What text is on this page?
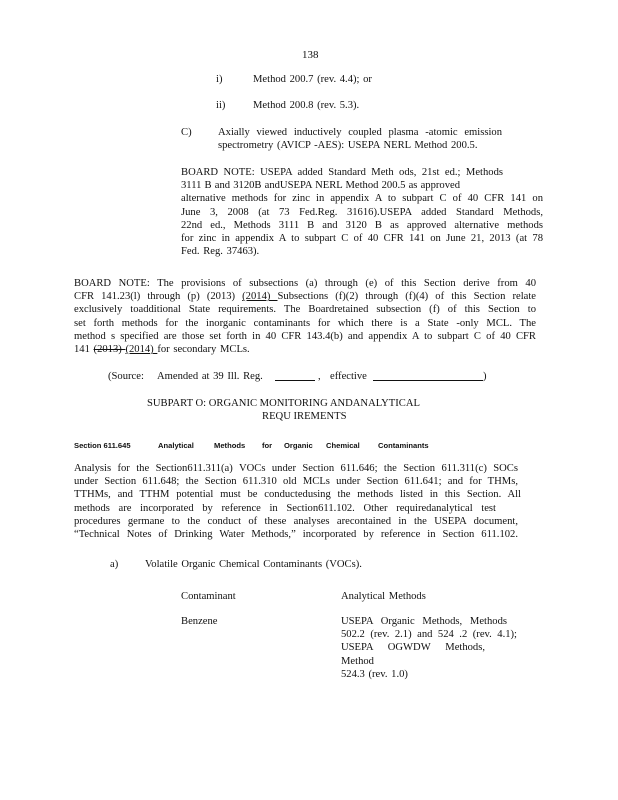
138
i)	Method 200.7 (rev. 4.4); or
ii)	Method 200.8 (rev. 5.3).
C) Axially viewed inductively coupled plasma -atomic emission
spectrometry (AVICP -AES): USEPA NERL Method 200.5.
BOARD NOTE: USEPA added Standard Meth ods, 21st ed.; Methods
3111 B and 3120B andUSEPA NERL Method 200.5 as approved
alternative methods for zinc in appendix A to subpart C of 40 CFR 141 on
June 3, 2008 (at 73 Fed.Reg. 31616).USEPA added Standard Methods,
22nd ed., Methods 3111 B and 3120 B as approved alternative methods
for zinc in appendix A to subpart C of 40 CFR 141 on June 21, 2013 (at 78
Fed. Reg. 37463).
BOARD NOTE: The provisions of subsections (a) through (e) of this Section derive from 40
CFR 141.23(l) through (p) (2013) (2014) Subsections (f)(2) through (f)(4) of this Section relate
exclusively toadditional State requirements. The Boardretained subsection (f) of this Section to
set forth methods for the inorganic contaminants for which there is a State -only MCL. The
method s specified are those set forth in 40 CFR 143.4(b) and appendix A to subpart C of 40 CFR
141 (2013) (2014) for secondary MCLs.
(Source: Amended at 39 Ill. Reg.	, effective	)
SUBPART O: ORGANIC MONITORING ANDANALYTICAL
REQU IREMENTS
Section 611.645	Analytical	Methods for Organic Chemical Contaminants
Analysis for the Section611.311(a) VOCs under Section 611.646; the Section 611.311(c) SOCs
under Section 611.648; the Section 611.310 old MCLs under Section 611.641; and for THMs,
TTHMs, and TTHM potential must be conductedusing the methods listed in this Section. All
methods are incorporated by reference in Section611.102. Other requiredanalytical test
procedures germane to the conduct of these analyses arecontained in the USEPA document,
“Technical Notes of Drinking Water Methods,” incorporated by reference in Section 611.102.
a)	Volatile Organic Chemical Contaminants (VOCs).
Contaminant	Analytical Methods
Benzene	USEPA Organic Methods, Methods
502.2 (rev. 2.1) and 524 .2 (rev. 4.1);
USEPA OGWDW Methods, Method
524.3 (rev. 1.0)
